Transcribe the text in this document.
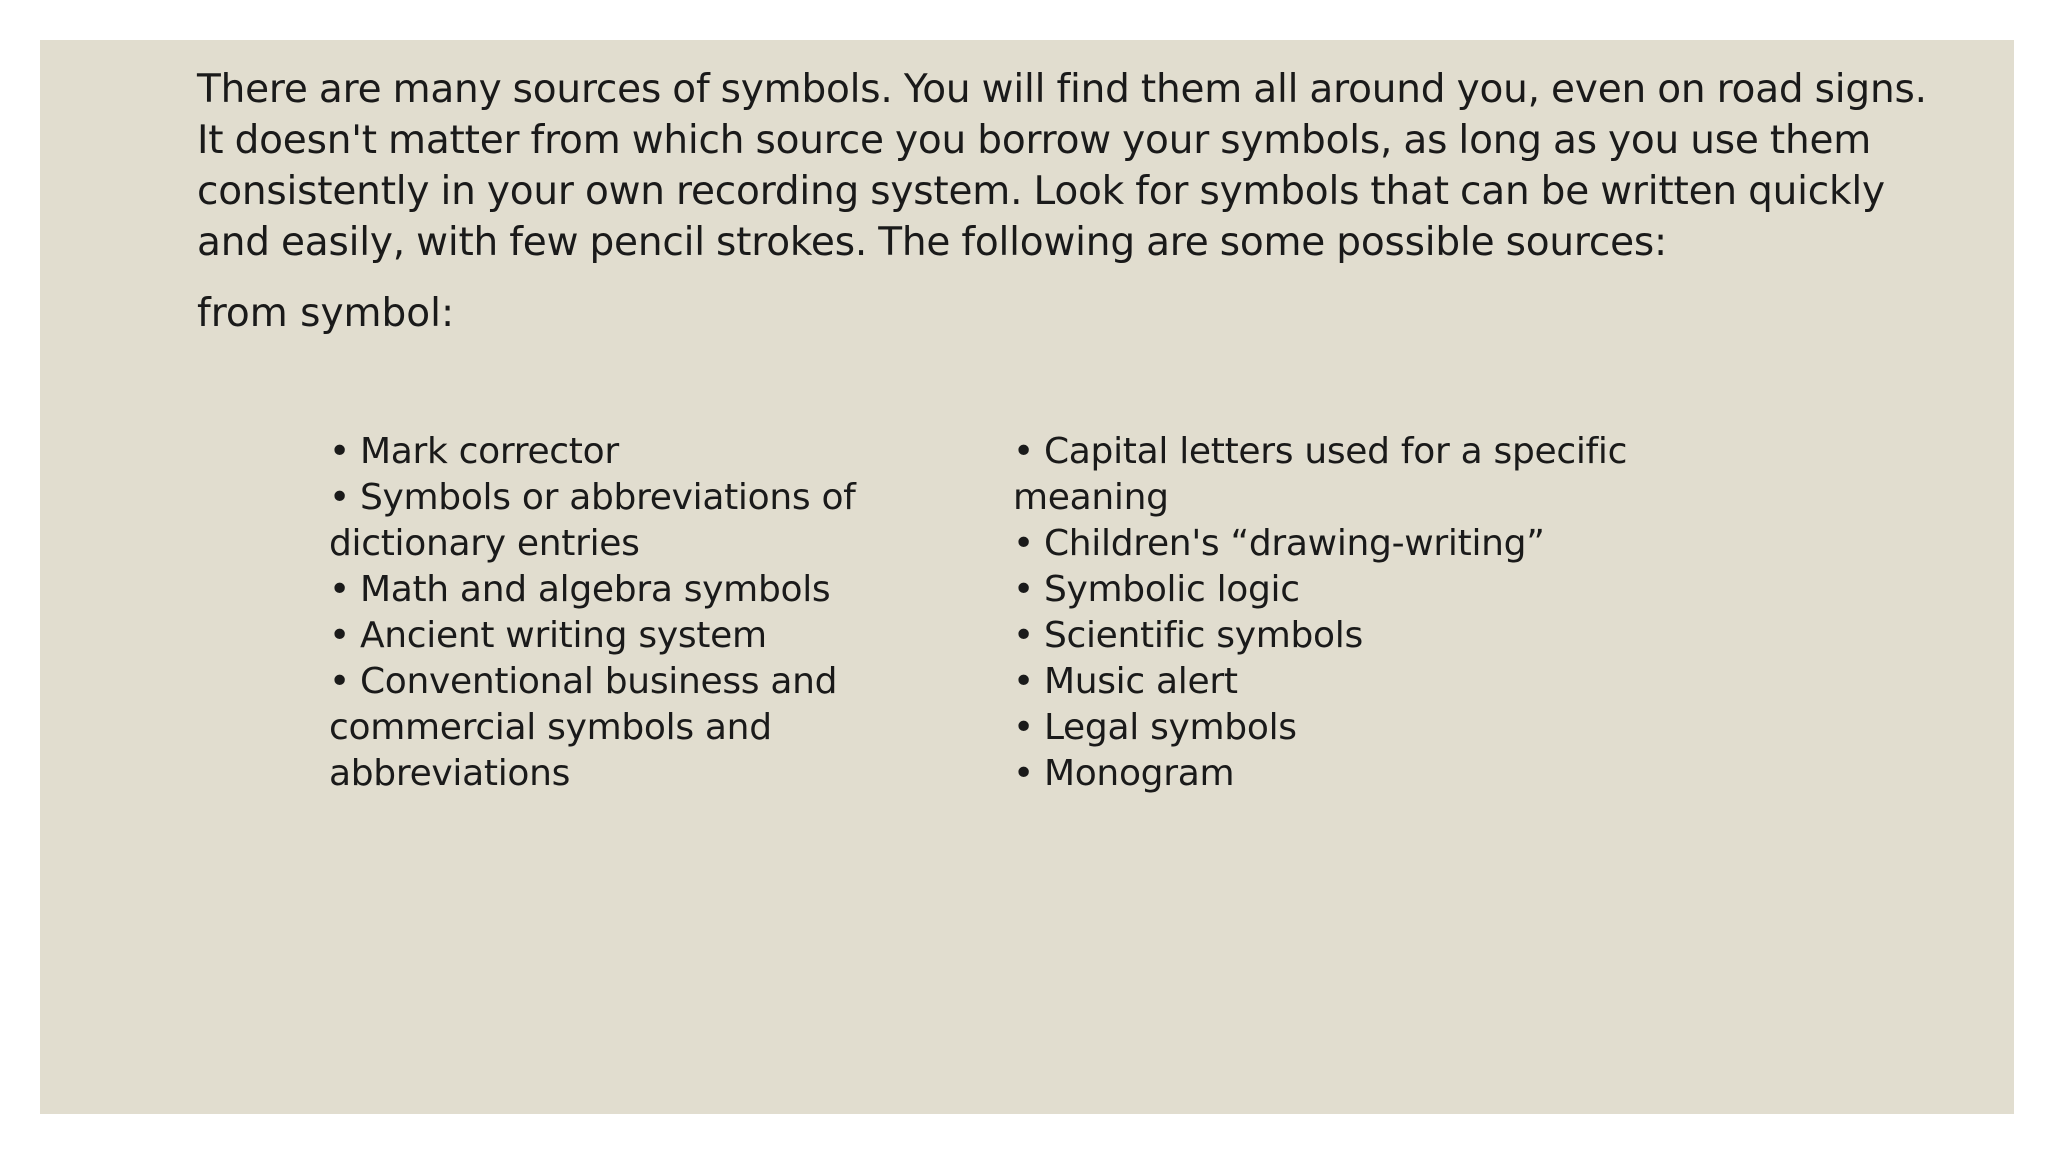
There are many sources of symbols. You will find them all around you, even on road signs. It doesn't matter from which source you borrow your symbols, as long as you use them consistently in your own recording system. Look for symbols that can be written quickly and easily, with few pencil strokes. The following are some possible sources:

from symbol:

• Mark corrector
• Symbols or abbreviations of dictionary entries
• Math and algebra symbols
• Ancient writing system
• Conventional business and commercial symbols and abbreviations
• Capital letters used for a specific meaning
• Children's “drawing-writing”
• Symbolic logic
• Scientific symbols
• Music alert
• Legal symbols
• Monogram
